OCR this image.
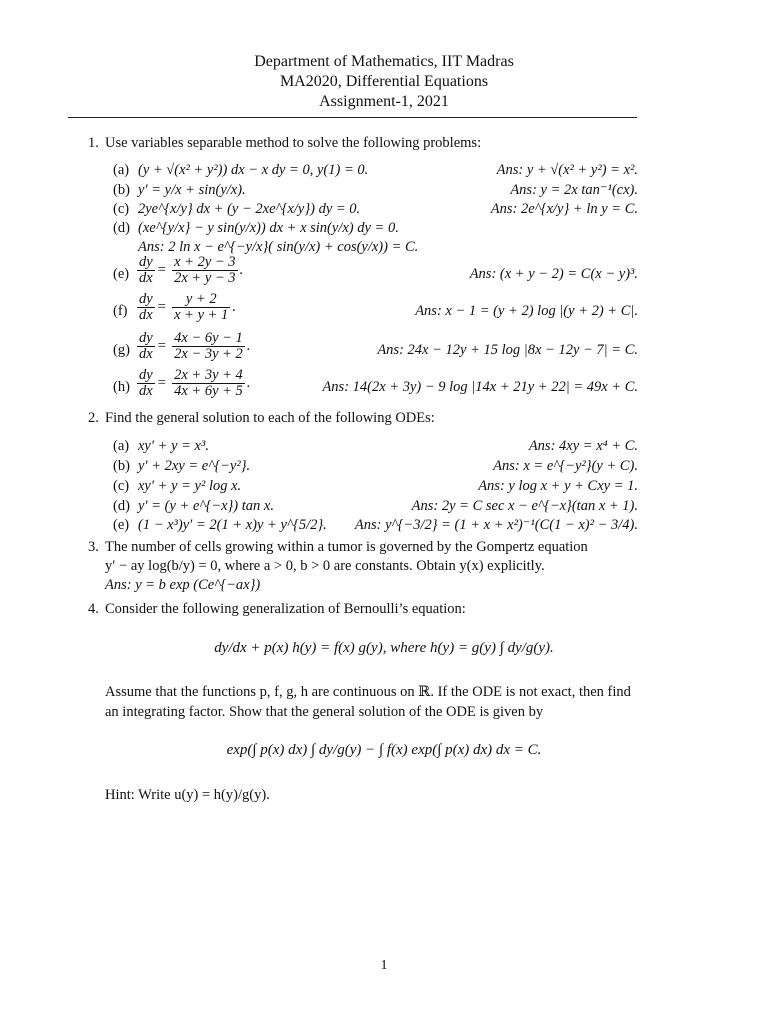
Department of Mathematics, IIT Madras
MA2020, Differential Equations
Assignment-1, 2021
1. Use variables separable method to solve the following problems:
(a) (y + √(x² + y²)) dx − x dy = 0, y(1) = 0.	Ans: y + √(x² + y²) = x².
(b) y′ = y/x + sin(y/x).	Ans: y = 2x tan⁻¹(cx).
(c) 2ye^{x/y} dx + (y − 2xe^{x/y}) dy = 0.	Ans: 2e^{x/y} + ln y = C.
(d) (xe^{y/x} − y sin(y/x)) dx + x sin(y/x) dy = 0.
Ans: 2 ln x − e^{−y/x}( sin(y/x) + cos(y/x)) = C.
$(e) \frac{dy}{dx} = \frac{x + 2y - 3}{2x + y - 3}$ .	Ans: (x + y − 2) = C(x − y)³.
$(f) \frac{dy}{dx} = \frac{y + 2}{x + y + 1}$ .	Ans: x − 1 = (y + 2) log |(y + 2) + C|.
$(g) \frac{dy}{dx} = \frac{4x - 6y - 1}{2x - 3y + 2}$ .	Ans: 24x − 12y + 15 log |8x − 12y − 7| = C.
$(h) \frac{dy}{dx} = \frac{2x + 3y + 4}{4x + 6y + 5}$ .	Ans: 14(2x + 3y) − 9 log |14x + 21y + 22| = 49x + C.
2. Find the general solution to each of the following ODEs:
(a) xy′ + y = x³.	Ans: 4xy = x⁴ + C.
(b) y′ + 2xy = e^{−y²}.	Ans: x = e^{−y²}(y + C).
(c) xy′ + y = y² log x.	Ans: y log x + y + Cxy = 1.
(d) y′ = (y + e^{−x}) tan x.	Ans: 2y = C sec x − e^{−x}(tan x + 1).
(e) (1 − x³)y′ = 2(1 + x)y + y^{5/2}. Ans: y^{−3/2} = (1 + x + x²)⁻¹(C(1 − x)² − 3/4).
3. The number of cells growing within a tumor is governed by the Gompertz equation
y′ − ay log(b/y) = 0, where a > 0, b > 0 are constants. Obtain y(x) explicitly.
Ans: y = b exp (Ce^{−ax})
4. Consider the following generalization of Bernoulli’s equation:
dy/dx + p(x) h(y) = f(x) g(y), where h(y) = g(y) ∫ dy/g(y).
Assume that the functions p, f, g, h are continuous on ℝ. If the ODE is not exact, then find an integrating factor. Show that the general solution of the ODE is given by
exp(∫ p(x) dx) ∫ dy/g(y) − ∫ f(x) exp(∫ p(x) dx) dx = C.
Hint: Write u(y) = h(y)/g(y).
1
